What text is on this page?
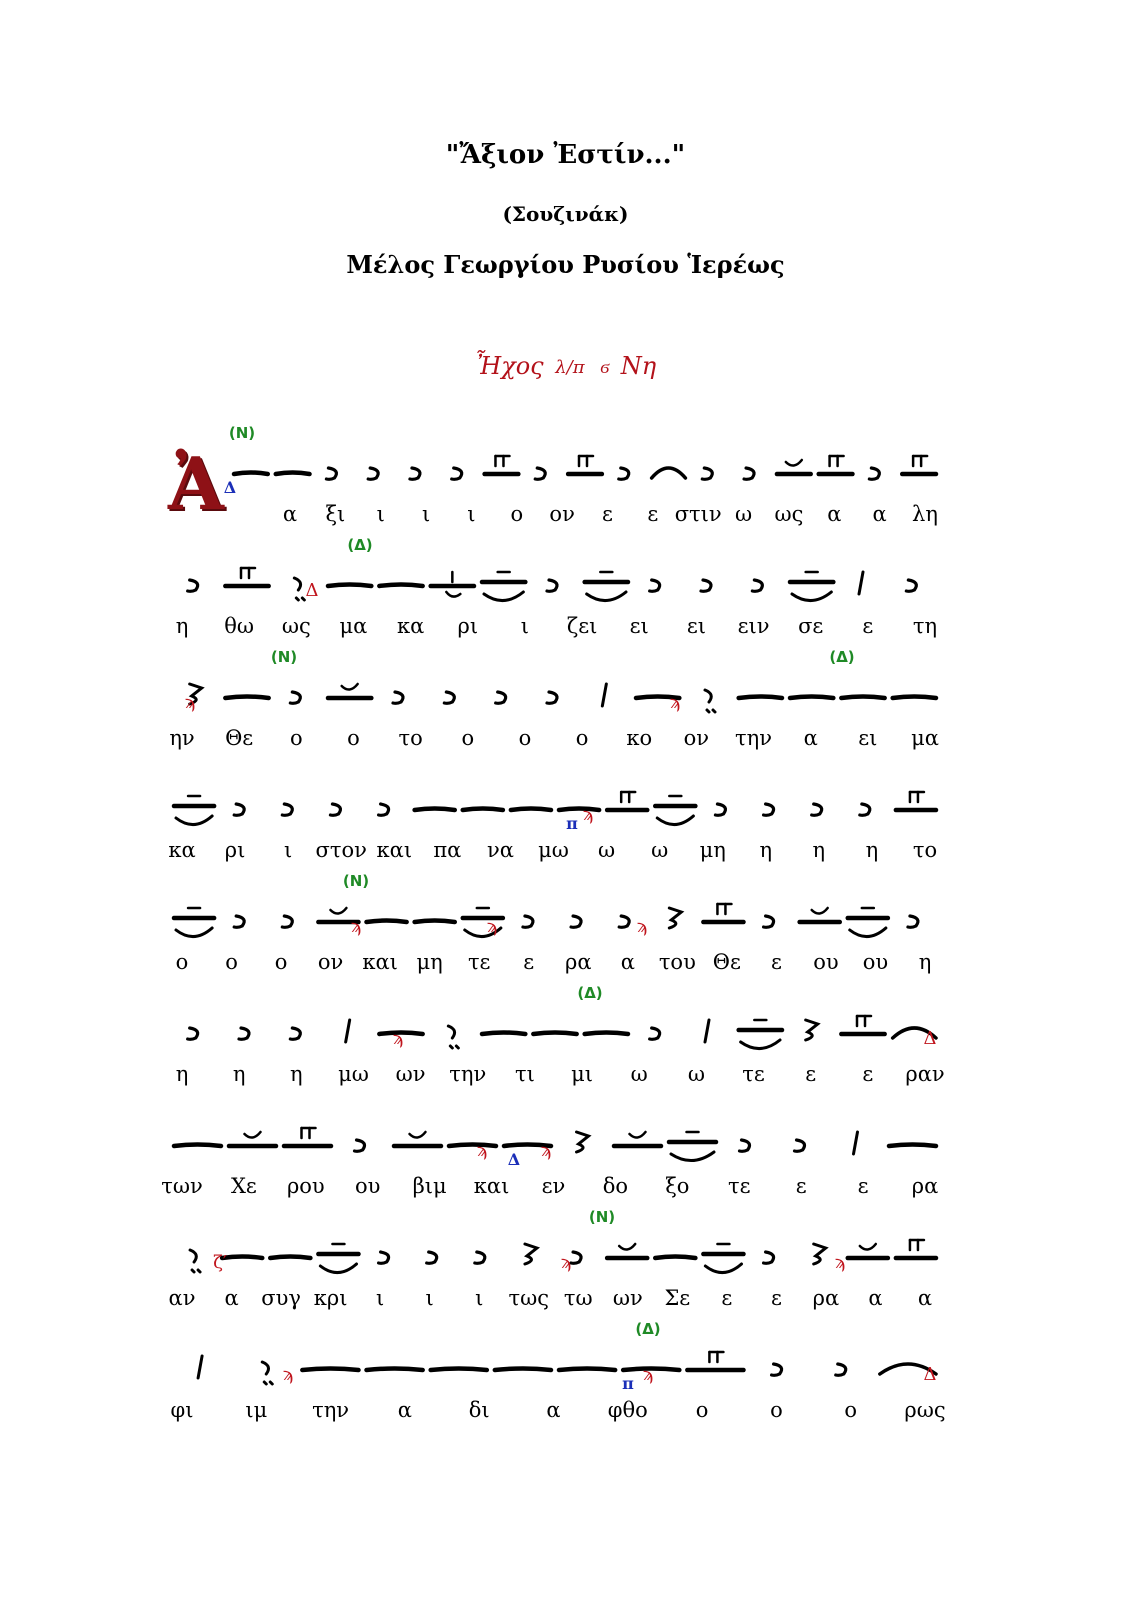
"Ἄξιον Ἐστίν..."
(Σουζινάκ)
Μέλος Γεωργίου Ρυσίου Ἱερέως
Ἦχος λ/π ϭ Νη
Ἀ
(Ν)
Δ
α ξι ι ι ι ο ον ε ε στιν ω ως α α λη
(Δ)
Δ
η θω ως μα κα ρι ι ζει ει ει ειν σε ε τη
(Ν)	(Δ)
ϡ	ϡ
ην Θε ο ο το ο ο ο κο ον την α ει μα
π ϡ
κα ρι ι στον και πα να μω ω ω μη η η η το
(Ν)
ϡ	ϡ	ϡ
ο ο ο ον και μη τε ε ρα α του Θε ε ου ου η
(Δ)
ϡ	Δ
η η η μω ων την τι μι ω ω τε ε ε ραν
ϡ Δ ϡ
των Χε ρου ου βιμ και εν δο ξο τε ε ε ρα
(Ν)
ζ′	ϡ	ϡ
αν α συγ κρι ι ι ι τως τω ων Σε ε ε ρα α α
(Δ)
ϡ	π ϡ	Δ
φι ιμ την α	δι	α φθο ο	ο	ο ρως
